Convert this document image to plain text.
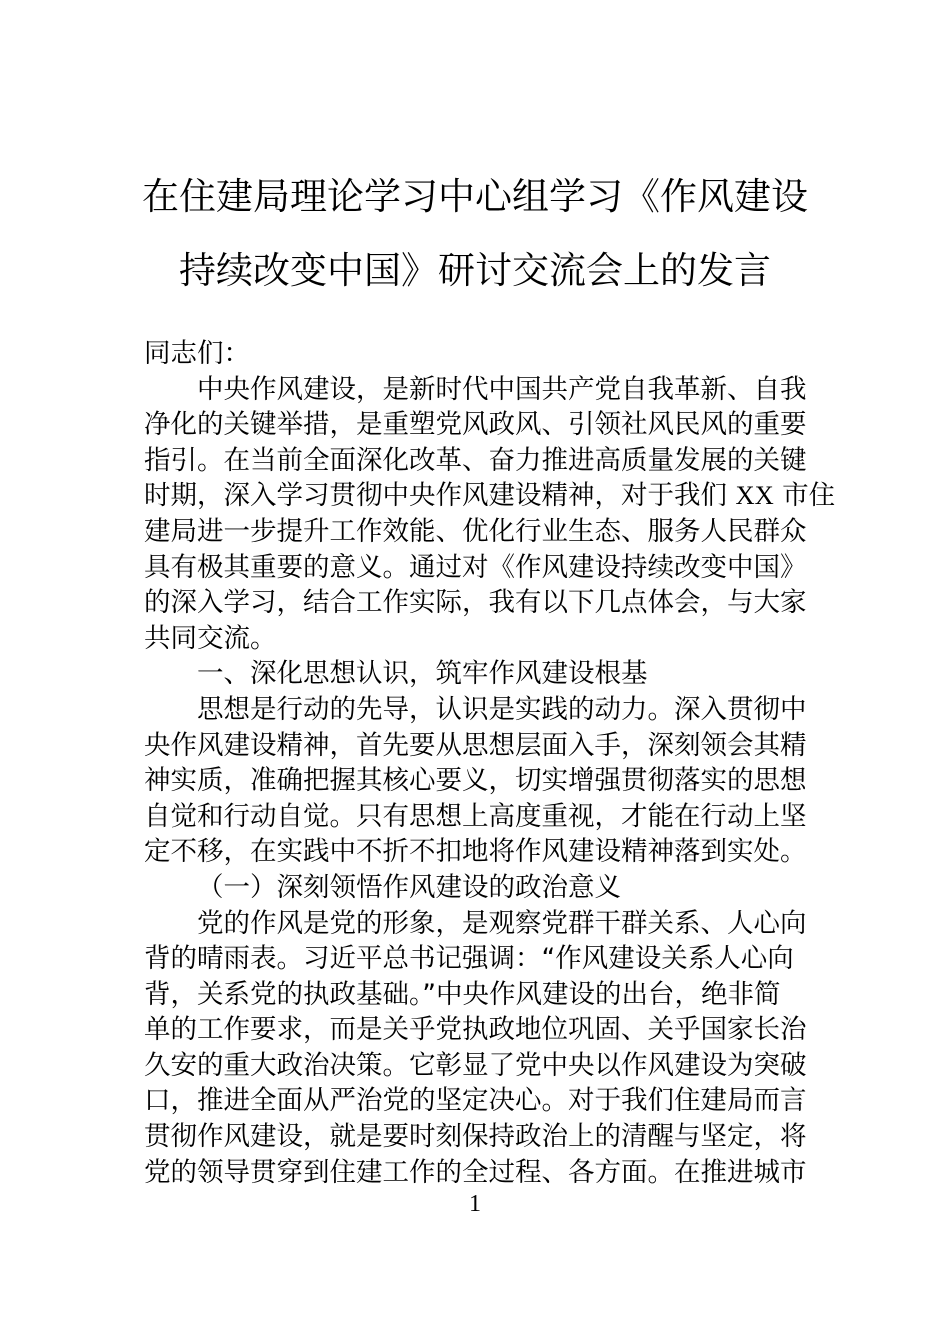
在住建局理论学习中心组学习《作风建设
持续改变中国》研讨交流会上的发言
同志们：
中央作风建设，是新时代中国共产党自我革新、自我
净化的关键举措，是重塑党风政风、引领社风民风的重要
指引。在当前全面深化改革、奋力推进高质量发展的关键
时期，深入学习贯彻中央作风建设精神，对于我们 XX 市住
建局进一步提升工作效能、优化行业生态、服务人民群众
具有极其重要的意义。通过对《作风建设持续改变中国》
的深入学习，结合工作实际，我有以下几点体会，与大家
共同交流。
一、深化思想认识，筑牢作风建设根基
思想是行动的先导，认识是实践的动力。深入贯彻中
央作风建设精神，首先要从思想层面入手，深刻领会其精
神实质，准确把握其核心要义，切实增强贯彻落实的思想
自觉和行动自觉。只有思想上高度重视，才能在行动上坚
定不移，在实践中不折不扣地将作风建设精神落到实处。
（一）深刻领悟作风建设的政治意义
党的作风是党的形象，是观察党群干群关系、人心向
背的晴雨表。习近平总书记强调：“作风建设关系人心向
背，关系党的执政基础。”中央作风建设的出台，绝非简
单的工作要求，而是关乎党执政地位巩固、关乎国家长治
久安的重大政治决策。它彰显了党中央以作风建设为突破
口，推进全面从严治党的坚定决心。对于我们住建局而言
贯彻作风建设，就是要时刻保持政治上的清醒与坚定，将
党的领导贯穿到住建工作的全过程、各方面。在推进城市
1
